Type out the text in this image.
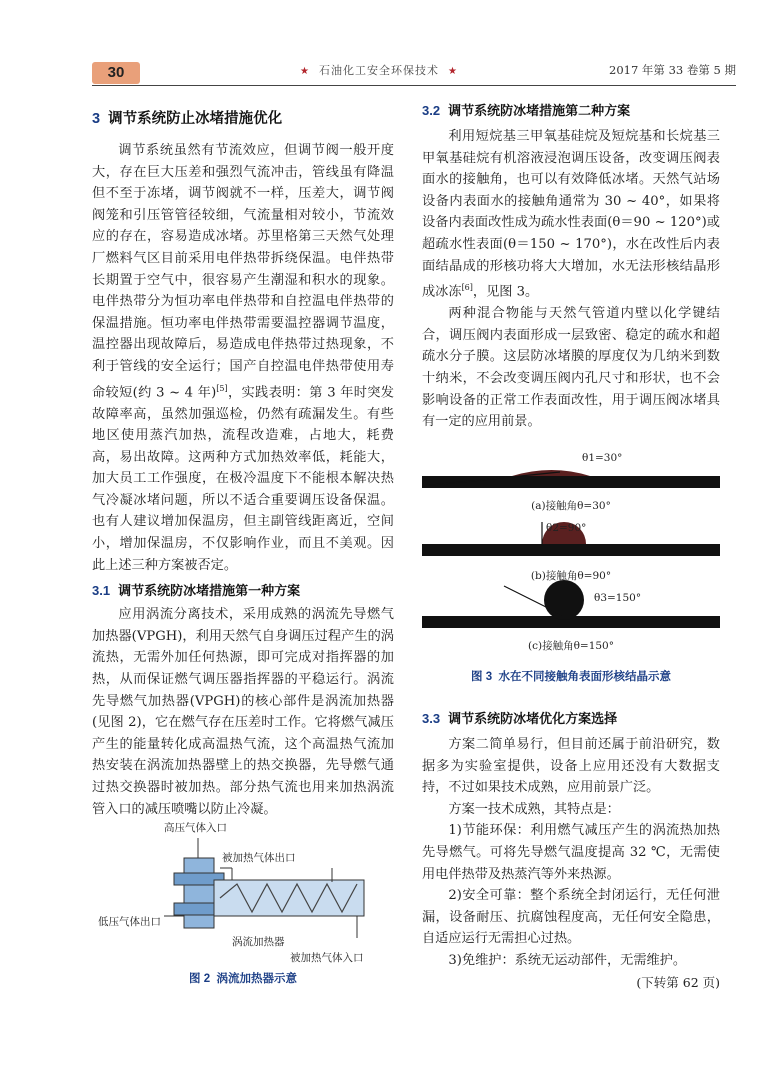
30	★ 石油化工安全环保技术 ★	2017 年第 33 卷第 5 期
3 调节系统防止冰堵措施优化

调节系统虽然有节流效应，但调节阀一般开度大，存在巨大压差和强烈气流冲击，管线虽有降温但不至于冻堵，调节阀就不一样，压差大，调节阀阀笼和引压管管径较细，气流量相对较小，节流效应的存在，容易造成冰堵。苏里格第三天然气处理厂燃料气区目前采用电伴热带拆绕保温。电伴热带长期置于空气中，很容易产生潮湿和积水的现象。电伴热带分为恒功率电伴热带和自控温电伴热带的保温措施。恒功率电伴热带需要温控器调节温度，温控器出现故障后，易造成电伴热带过热现象，不利于管线的安全运行；国产自控温电伴热带使用寿命较短(约 3 ~ 4 年)[5]，实践表明：第 3 年时突发故障率高，虽然加强巡检，仍然有疏漏发生。有些地区使用蒸汽加热，流程改造难，占地大，耗费高，易出故障。这两种方式加热效率低，耗能大，加大员工工作强度，在极冷温度下不能根本解决热气冷凝冰堵问题，所以不适合重要调压设备保温。也有人建议增加保温房，但主副管线距离近，空间小，增加保温房，不仅影响作业，而且不美观。因此上述三种方案被否定。

3.1 调节系统防冰堵措施第一种方案

应用涡流分离技术，采用成熟的涡流先导燃气加热器(VPGH)，利用天然气自身调压过程产生的涡流热，无需外加任何热源，即可完成对指挥器的加热，从而保证燃气调压器指挥器的平稳运行。涡流先导燃气加热器(VPGH)的核心部件是涡流加热器(见图 2)，它在燃气存在压差时工作。它将燃气减压产生的能量转化成高温热气流，这个高温热气流加热安装在涡流加热器壁上的热交换器，先导燃气通过热交换器时被加热。部分热气流也用来加热涡流管入口的减压喷嘴以防止冷凝。

高压气体入口
被加热气体出口
低压气体出口
涡流加热器
被加热气体入口
图 2 涡流加热器示意
3.2 调节系统防冰堵措施第二种方案

利用短烷基三甲氧基硅烷及短烷基和长烷基三甲氧基硅烷有机溶液浸泡调压设备，改变调压阀表面水的接触角，也可以有效降低冰堵。天然气站场设备内表面水的接触角通常为 30 ~ 40°，如果将设备内表面改性成为疏水性表面(θ＝90 ~ 120°)或超疏水性表面(θ＝150 ~ 170°)，水在改性后内表面结晶成的形核功将大大增加，水无法形核结晶形成冰冻[6]，见图 3。

两种混合物能与天然气管道内壁以化学键结合，调压阀内表面形成一层致密、稳定的疏水和超疏水分子膜。这层防冰堵膜的厚度仅为几纳米到数十纳米，不会改变调压阀内孔尺寸和形状，也不会影响设备的正常工作表面改性，用于调压阀冰堵具有一定的应用前景。

θ1=30°
(a)接触角θ=30°
θ2=90°
(b)接触角θ=90°
θ3=150°
(c)接触角θ=150°
图 3 水在不同接触角表面形核结晶示意
3.3 调节系统防冰堵优化方案选择

方案二简单易行，但目前还属于前沿研究，数据多为实验室提供，设备上应用还没有大数据支持，不过如果技术成熟，应用前景广泛。

方案一技术成熟，其特点是：

1)节能环保：利用燃气减压产生的涡流热加热先导燃气。可将先导燃气温度提高 32 ℃，无需使用电伴热带及热蒸汽等外来热源。

2)安全可靠：整个系统全封闭运行，无任何泄漏，设备耐压、抗腐蚀程度高，无任何安全隐患，自适应运行无需担心过热。

3)免维护：系统无运动部件，无需维护。

(下转第 62 页)
